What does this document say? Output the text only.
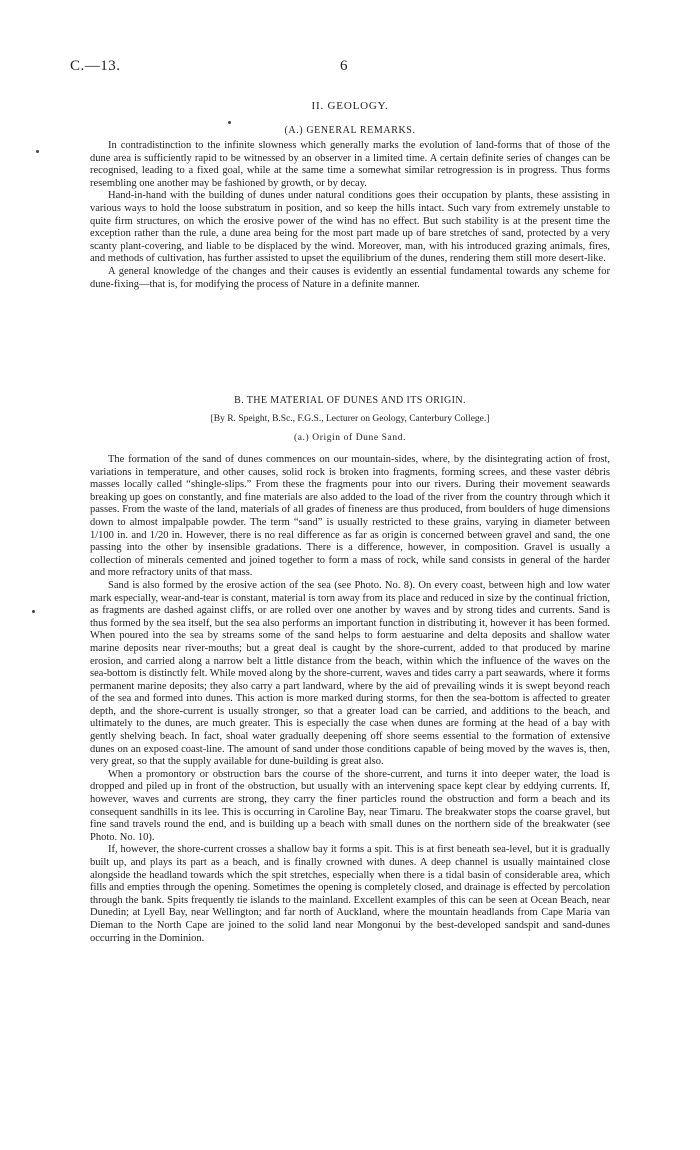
C.—13.	6
II. GEOLOGY.
(A.) GENERAL REMARKS.

In contradistinction to the infinite slowness which generally marks the evolution of land-forms that of those of the dune area is sufficiently rapid to be witnessed by an observer in a limited time. A certain definite series of changes can be recognised, leading to a fixed goal, while at the same time a somewhat similar retrogression is in progress. Thus forms resembling one another may be fashioned by growth, or by decay.

Hand-in-hand with the building of dunes under natural conditions goes their occupation by plants, these assisting in various ways to hold the loose substratum in position, and so keep the hills intact. Such vary from extremely unstable to quite firm structures, on which the erosive power of the wind has no effect. But such stability is at the present time the exception rather than the rule, a dune area being for the most part made up of bare stretches of sand, protected by a very scanty plant-covering, and liable to be displaced by the wind. Moreover, man, with his introduced grazing animals, fires, and methods of cultivation, has further assisted to upset the equilibrium of the dunes, rendering them still more desert-like.

A general knowledge of the changes and their causes is evidently an essential fundamental towards any scheme for dune-fixing—that is, for modifying the process of Nature in a definite manner.

B. THE MATERIAL OF DUNES AND ITS ORIGIN.
[By R. Speight, B.Sc., F.G.S., Lecturer on Geology, Canterbury College.]
(a.) Origin of Dune Sand.

The formation of the sand of dunes commences on our mountain-sides, where, by the disintegrating action of frost, variations in temperature, and other causes, solid rock is broken into fragments, forming screes, and these vaster débris masses locally called “shingle-slips.” From these the fragments pour into our rivers. During their movement seawards breaking up goes on constantly, and fine materials are also added to the load of the river from the country through which it passes. From the waste of the land, materials of all grades of fineness are thus produced, from boulders of huge dimensions down to almost impalpable powder. The term “sand” is usually restricted to these grains, varying in diameter between 1/100 in. and 1/20 in. However, there is no real difference as far as origin is concerned between gravel and sand, the one passing into the other by insensible gradations. There is a difference, however, in composition. Gravel is usually a collection of minerals cemented and joined together to form a mass of rock, while sand consists in general of the harder and more refractory units of that mass.

Sand is also formed by the erosive action of the sea (see Photo. No. 8). On every coast, between high and low water mark especially, wear-and-tear is constant, material is torn away from its place and reduced in size by the continual friction, as fragments are dashed against cliffs, or are rolled over one another by waves and by strong tides and currents. Sand is thus formed by the sea itself, but the sea also performs an important function in distributing it, however it has been formed. When poured into the sea by streams some of the sand helps to form aestuarine and delta deposits and shallow water marine deposits near river-mouths; but a great deal is caught by the shore-current, added to that produced by marine erosion, and carried along a narrow belt a little distance from the beach, within which the influence of the waves on the sea-bottom is distinctly felt. While moved along by the shore-current, waves and tides carry a part seawards, where it forms permanent marine deposits; they also carry a part landward, where by the aid of prevailing winds it is swept beyond reach of the sea and formed into dunes. This action is more marked during storms, for then the sea-bottom is affected to greater depth, and the shore-current is usually stronger, so that a greater load can be carried, and additions to the beach, and ultimately to the dunes, are much greater. This is especially the case when dunes are forming at the head of a bay with gently shelving beach. In fact, shoal water gradually deepening off shore seems essential to the formation of extensive dunes on an exposed coast-line. The amount of sand under those conditions capable of being moved by the waves is, then, very great, so that the supply available for dune-building is great also.

When a promontory or obstruction bars the course of the shore-current, and turns it into deeper water, the load is dropped and piled up in front of the obstruction, but usually with an intervening space kept clear by eddying currents. If, however, waves and currents are strong, they carry the finer particles round the obstruction and form a beach and its consequent sandhills in its lee. This is occurring in Caroline Bay, near Timaru. The breakwater stops the coarse gravel, but fine sand travels round the end, and is building up a beach with small dunes on the northern side of the breakwater (see Photo. No. 10).

If, however, the shore-current crosses a shallow bay it forms a spit. This is at first beneath sea-level, but it is gradually built up, and plays its part as a beach, and is finally crowned with dunes. A deep channel is usually maintained close alongside the headland towards which the spit stretches, especially when there is a tidal basin of considerable area, which fills and empties through the opening. Sometimes the opening is completely closed, and drainage is effected by percolation through the bank. Spits frequently tie islands to the mainland. Excellent examples of this can be seen at Ocean Beach, near Dunedin; at Lyell Bay, near Wellington; and far north of Auckland, where the mountain headlands from Cape Maria van Dieman to the North Cape are joined to the solid land near Mongonui by the best-developed sandspit and sand-dunes occurring in the Dominion.
